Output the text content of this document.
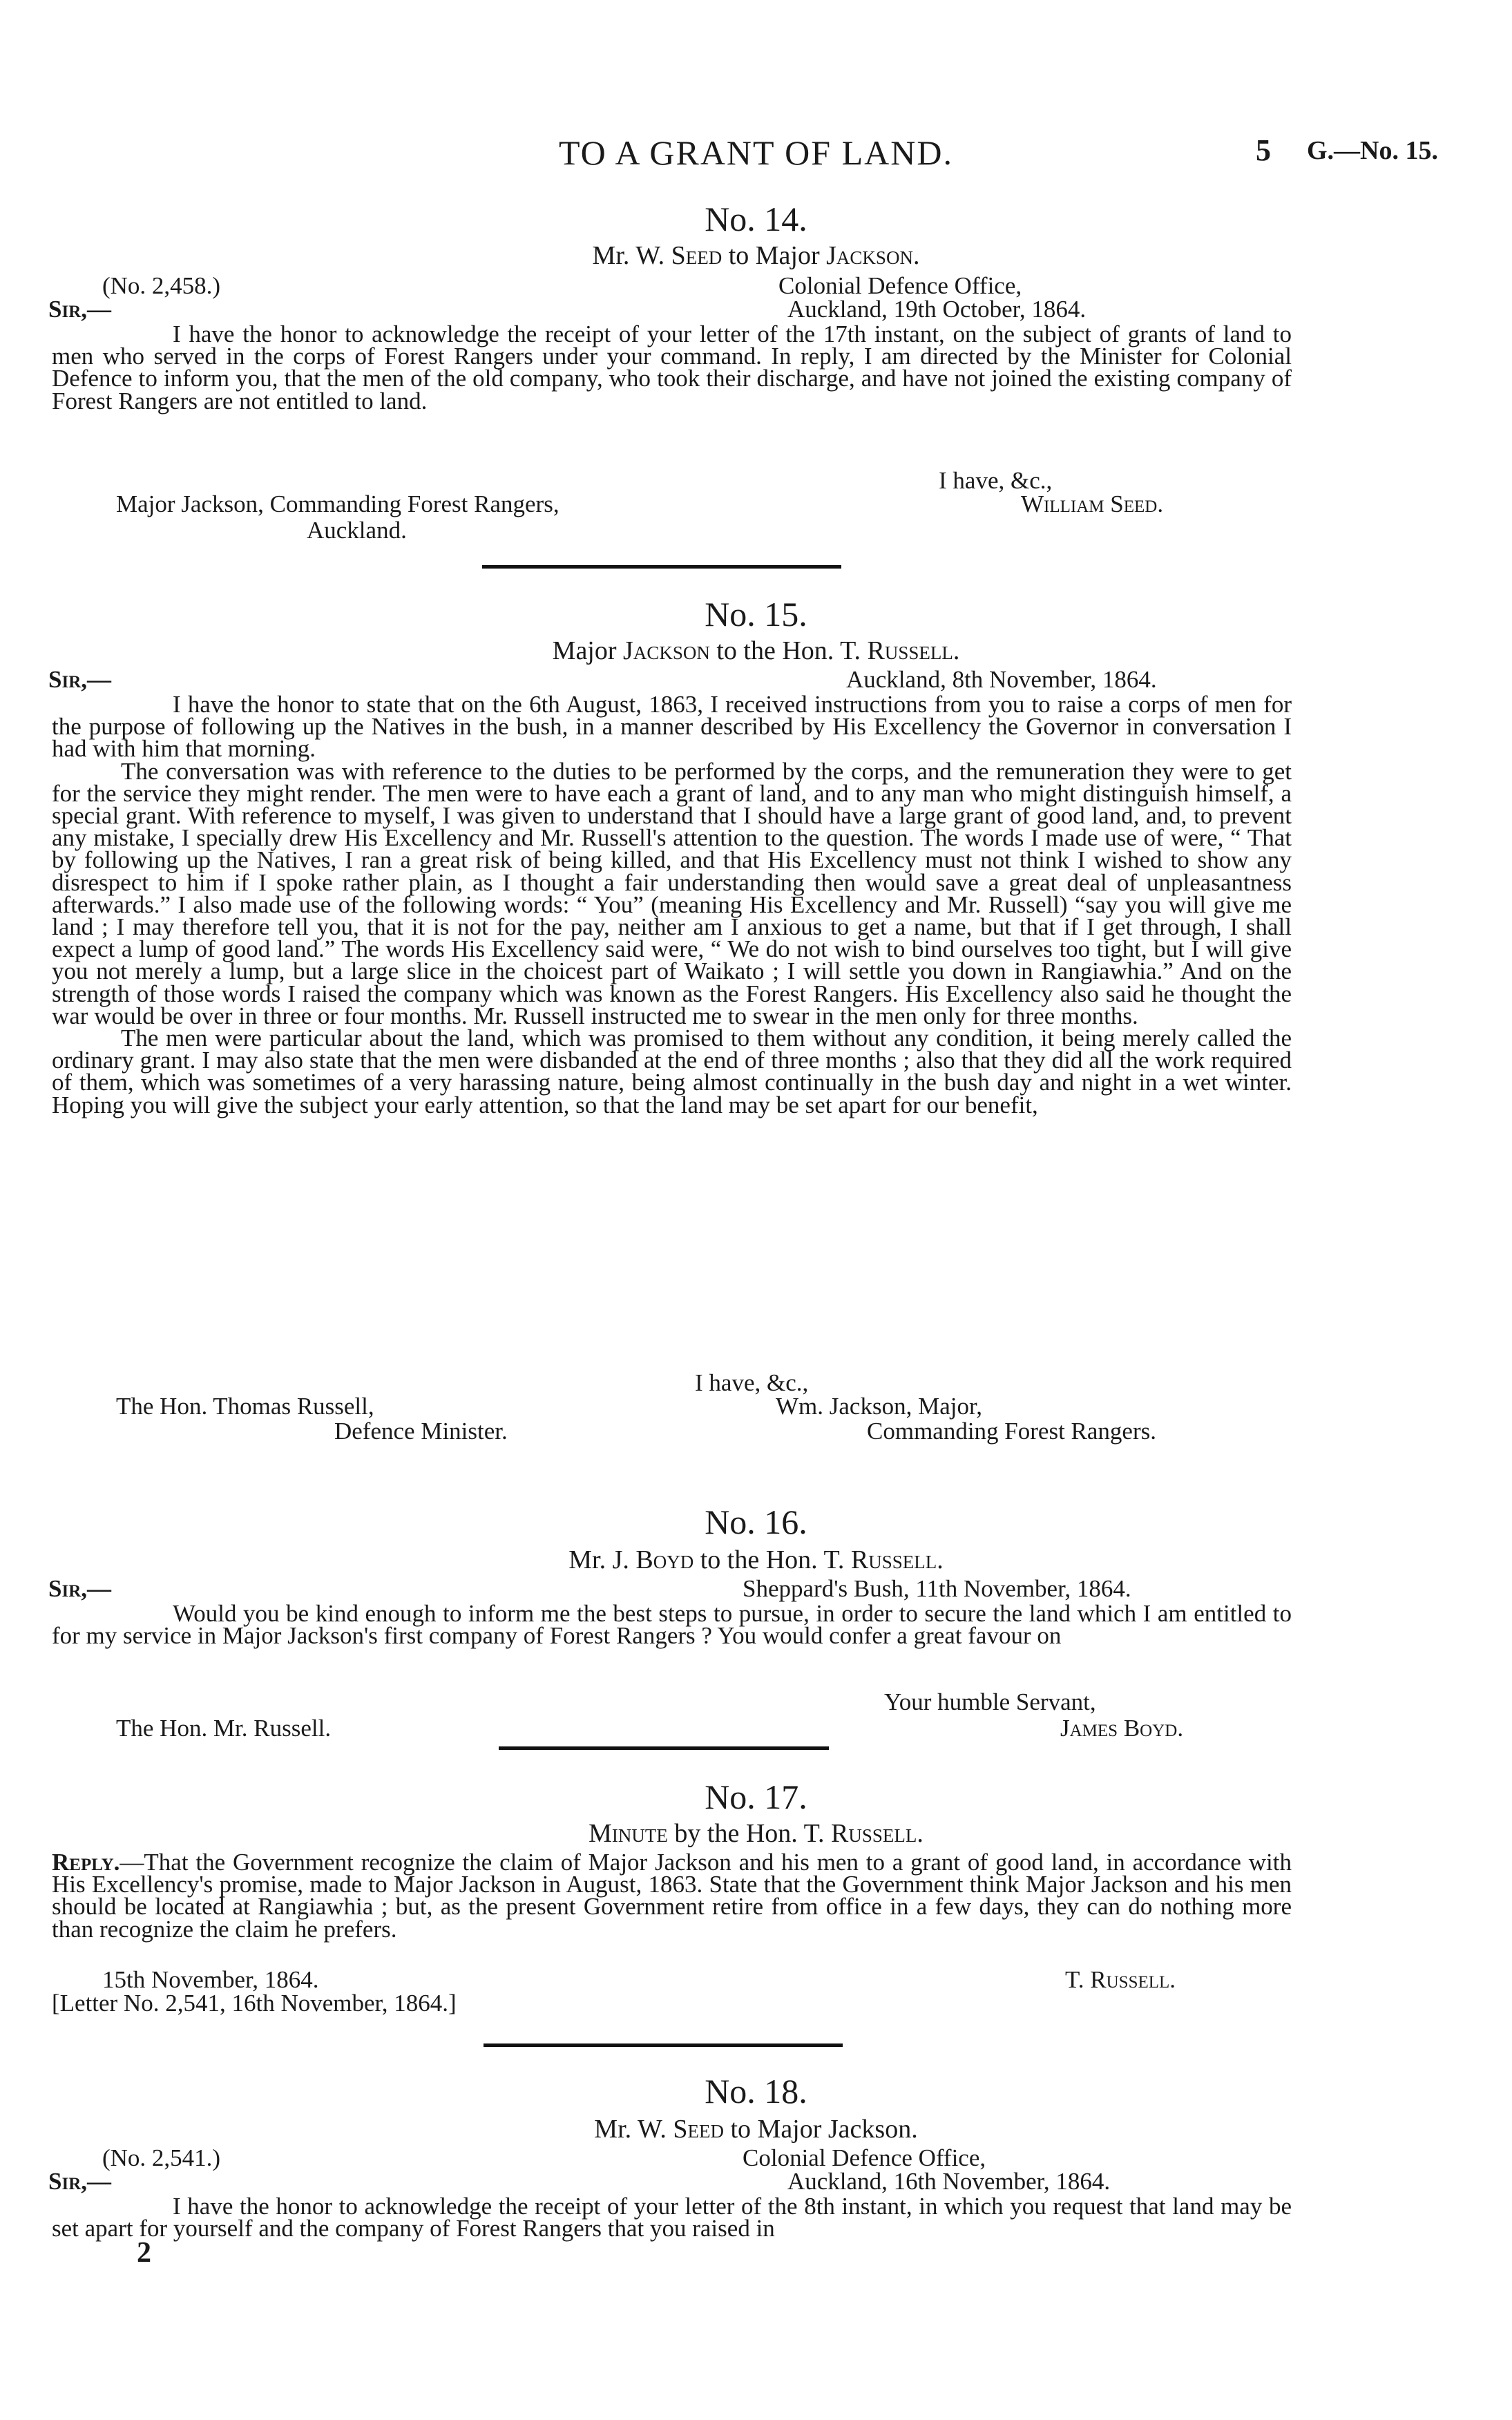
TO A GRANT OF LAND.	5 G.—No. 15.
No. 14.
Mr. W. Seed to Major Jackson.
(No. 2,458.)	Colonial Defence Office,
Sir,—	Auckland, 19th October, 1864.

I have the honor to acknowledge the receipt of your letter of the 17th instant, on the subject of grants of land to men who served in the corps of Forest Rangers under your command. In reply, I am directed by the Minister for Colonial Defence to inform you, that the men of the old company, who took their discharge, and have not joined the existing company of Forest Rangers are not entitled to land.

I have, &c.,
William Seed.
Major Jackson, Commanding Forest Rangers,
Auckland.
No. 15.
Major Jackson to the Hon. T. Russell.
Sir,—	Auckland, 8th November, 1864.

I have the honor to state that on the 6th August, 1863, I received instructions from you to raise a corps of men for the purpose of following up the Natives in the bush, in a manner described by His Excellency the Governor in conversation I had with him that morning.

The conversation was with reference to the duties to be performed by the corps, and the remuneration they were to get for the service they might render. The men were to have each a grant of land, and to any man who might distinguish himself, a special grant. With reference to myself, I was given to understand that I should have a large grant of good land, and, to prevent any mistake, I specially drew His Excellency and Mr. Russell's attention to the question. The words I made use of were, “ That by following up the Natives, I ran a great risk of being killed, and that His Excellency must not think I wished to show any disrespect to him if I spoke rather plain, as I thought a fair understanding then would save a great deal of unpleasantness afterwards.” I also made use of the following words: “ You” (meaning His Excellency and Mr. Russell) “say you will give me land ; I may therefore tell you, that it is not for the pay, neither am I anxious to get a name, but that if I get through, I shall expect a lump of good land.” The words His Excellency said were, “ We do not wish to bind ourselves too tight, but I will give you not merely a lump, but a large slice in the choicest part of Waikato ; I will settle you down in Rangiawhia.” And on the strength of those words I raised the company which was known as the Forest Rangers. His Excellency also said he thought the war would be over in three or four months. Mr. Russell instructed me to swear in the men only for three months.

The men were particular about the land, which was promised to them without any condition, it being merely called the ordinary grant. I may also state that the men were disbanded at the end of three months ; also that they did all the work required of them, which was sometimes of a very harassing nature, being almost continually in the bush day and night in a wet winter. Hoping you will give the subject your early attention, so that the land may be set apart for our benefit,

I have, &c.,
The Hon. Thomas Russell,	Wm. Jackson, Major,
Defence Minister.	Commanding Forest Rangers.
No. 16.
Mr. J. Boyd to the Hon. T. Russell.
Sir,—	Sheppard's Bush, 11th November, 1864.

Would you be kind enough to inform me the best steps to pursue, in order to secure the land which I am entitled to for my service in Major Jackson's first company of Forest Rangers ? You would confer a great favour on

Your humble Servant,
The Hon. Mr. Russell.	James Boyd.
No. 17.
Minute by the Hon. T. Russell.

Reply.—That the Government recognize the claim of Major Jackson and his men to a grant of good land, in accordance with His Excellency's promise, made to Major Jackson in August, 1863. State that the Government think Major Jackson and his men should be located at Rangiawhia ; but, as the present Government retire from office in a few days, they can do nothing more than recognize the claim he prefers.

15th November, 1864.	T. Russell.
[Letter No. 2,541, 16th November, 1864.]
No. 18.
Mr. W. Seed to Major Jackson.
(No. 2,541.)	Colonial Defence Office,
Sir,—	Auckland, 16th November, 1864.

I have the honor to acknowledge the receipt of your letter of the 8th instant, in which you request that land may be set apart for yourself and the company of Forest Rangers that you raised in

2
